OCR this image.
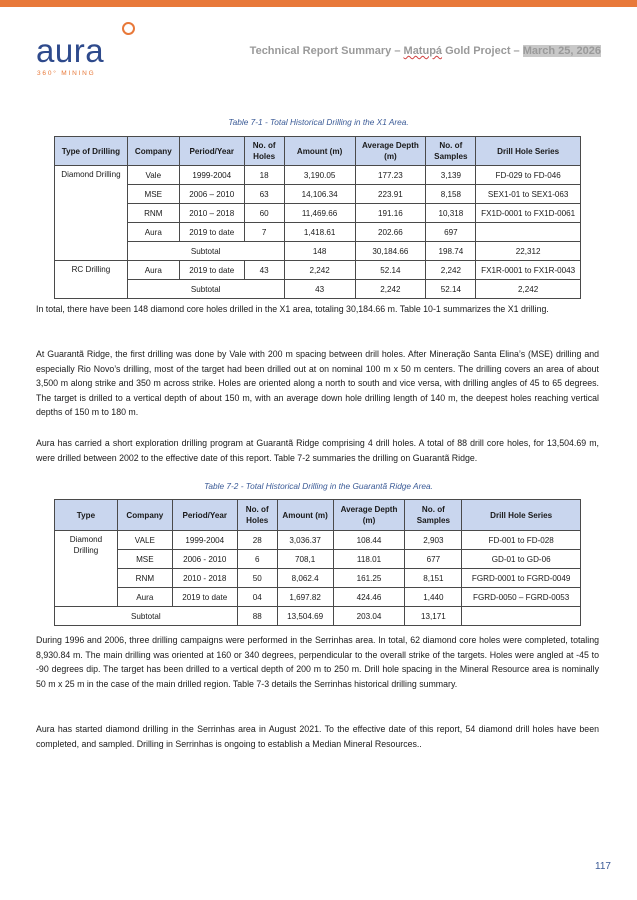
aura
360° MINING
Technical Report Summary – Matupá Gold Project – March 25, 2026
Table 7-1 - Total Historical Drilling in the X1 Area.
Type of Drilling	Company	Period/Year	No. of Holes	Amount (m)	Average Depth (m)	No. of Samples	Drill Hole Series
Diamond Drilling	Vale	1999-2004	18	3,190.05	177.23	3,139	FD-029 to FD-046
	MSE	2006 – 2010	63	14,106.34	223.91	8,158	SEX1-01 to SEX1-063
	RNM	2010 – 2018	60	11,469.66	191.16	10,318	FX1D-0001 to FX1D-0061
	Aura	2019 to date	7	1,418.61	202.66	697	
	Subtotal			148	30,184.66	198.74	22,312
RC Drilling	Aura	2019 to date	43	2,242	52.14	2,242	FX1R-0001 to FX1R-0043
	Subtotal			43	2,242	52.14	2,242

In total, there have been 148 diamond core holes drilled in the X1 area, totaling 30,184.66 m. Table 10-1 summarizes the X1 drilling.

At Guarantã Ridge, the first drilling was done by Vale with 200 m spacing between drill holes. After Mineração Santa Elina’s (MSE) drilling and especially Rio Novo’s drilling, most of the target had been drilled out at on nominal 100 m x 50 m centers. The drilling covers an area of about 3,500 m along strike and 350 m across strike. Holes are oriented along a north to south and vice versa, with drilling angles of 45 to 65 degrees. The target is drilled to a vertical depth of about 150 m, with an average down hole drilling length of 140 m, the deepest holes reaching vertical depths of 150 m to 180 m.

Aura has carried a short exploration drilling program at Guarantã Ridge comprising 4 drill holes. A total of 88 drill core holes, for 13,504.69 m, were drilled between 2002 to the effective date of this report. Table 7-2 summaries the drilling on Guarantã Ridge.

Table 7-2 - Total Historical Drilling in the Guarantã Ridge Area.
Type	Company	Period/Year	No. of Holes	Amount (m)	Average Depth (m)	No. of Samples	Drill Hole Series
Diamond Drilling	VALE	1999-2004	28	3,036.37	108.44	2,903	FD-001 to FD-028
	MSE	2006 - 2010	6	708,1	118.01	677	GD-01 to GD-06
	RNM	2010 - 2018	50	8,062.4	161.25	8,151	FGRD-0001 to FGRD-0049
	Aura	2019 to date	04	1,697.82	424.46	1,440	FGRD-0050 – FGRD-0053
Subtotal			88	13,504.69	203.04	13,171	

During 1996 and 2006, three drilling campaigns were performed in the Serrinhas area. In total, 62 diamond core holes were completed, totaling 8,930.84 m. The main drilling was oriented at 160 or 340 degrees, perpendicular to the overall strike of the targets. Holes were angled at -45 to -90 degrees dip. The target has been drilled to a vertical depth of 200 m to 250 m. Drill hole spacing in the Mineral Resource area is nominally 50 m x 25 m in the case of the main drilled region. Table 7-3 details the Serrinhas historical drilling summary.

Aura has started diamond drilling in the Serrinhas area in August 2021. To the effective date of this report, 54 diamond drill holes have been completed, and sampled. Drilling in Serrinhas is ongoing to establish a Median Mineral Resources..

117
